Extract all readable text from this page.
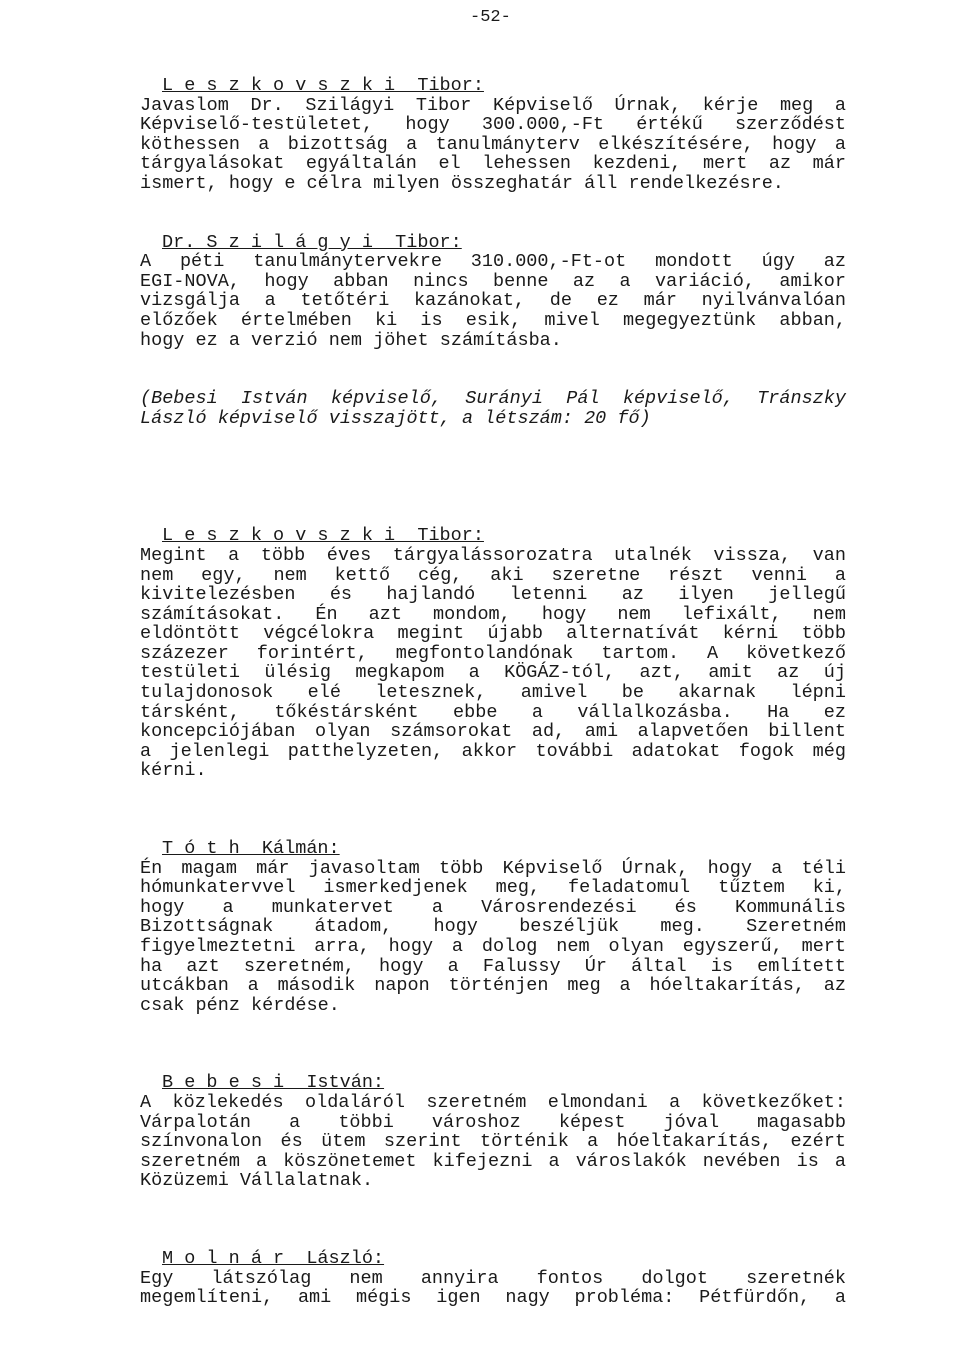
-52-
L e s z k o v s z k i  Tibor:
Javaslom Dr. Szilágyi Tibor Képviselő Úrnak, kérje meg a
Képviselő-testületet, hogy 300.000,-Ft értékű szerződést
köthessen a bizottság a tanulmányterv elkészítésére, hogy a
tárgyalásokat egyáltalán el lehessen kezdeni, mert az már
ismert, hogy e célra milyen összeghatár áll rendelkezésre.
Dr. S z i l á g y i  Tibor:
A péti tanulmánytervekre 310.000,-Ft-ot mondott úgy az
EGI-NOVA, hogy abban nincs benne az a variáció, amikor
vizsgálja a tetőtéri kazánokat, de ez már nyilvánvalóan
előzőek értelmében ki is esik, mivel megegyeztünk abban,
hogy ez a verzió nem jöhet számításba.
(Bebesi István képviselő, Surányi Pál képviselő, Tránszky
László képviselő visszajött, a létszám: 20 fő)
L e s z k o v s z k i  Tibor:
Megint a több éves tárgyalássorozatra utalnék vissza, van
nem egy, nem kettő cég, aki szeretne részt venni a
kivitelezésben és hajlandó letenni az ilyen jellegű
számításokat. Én azt mondom, hogy nem lefixált, nem
eldöntött végcélokra megint újabb alternatívát kérni több
százezer forintért, megfontolandónak tartom. A következő
testületi ülésig megkapom a KÖGÁZ-tól, azt, amit az új
tulajdonosok elé letesznek, amivel be akarnak lépni
társként, tőkéstársként ebbe a vállalkozásba. Ha ez
koncepciójában olyan számsorokat ad, ami alapvetően billent
a jelenlegi patthelyzeten, akkor további adatokat fogok még
kérni.
T ó t h  Kálmán:
Én magam már javasoltam több Képviselő Úrnak, hogy a téli
hómunkatervvel ismerkedjenek meg, feladatomul tűztem ki,
hogy a munkatervet a Városrendezési és Kommunális
Bizottságnak átadom, hogy beszéljük meg. Szeretném
figyelmeztetni arra, hogy a dolog nem olyan egyszerű, mert
ha azt szeretném, hogy a Falussy Úr által is említett
utcákban a második napon történjen meg a hóeltakarítás, az
csak pénz kérdése.
B e b e s i  István:
A közlekedés oldaláról szeretném elmondani a következőket:
Várpalotán a többi városhoz képest jóval magasabb
színvonalon és ütem szerint történik a hóeltakarítás, ezért
szeretném a köszönetemet kifejezni a városlakók nevében is a
Közüzemi Vállalatnak.
M o l n á r  László:
Egy látszólag nem annyira fontos dolgot szeretnék
megemlíteni, ami mégis igen nagy probléma: Pétfürdőn, a
